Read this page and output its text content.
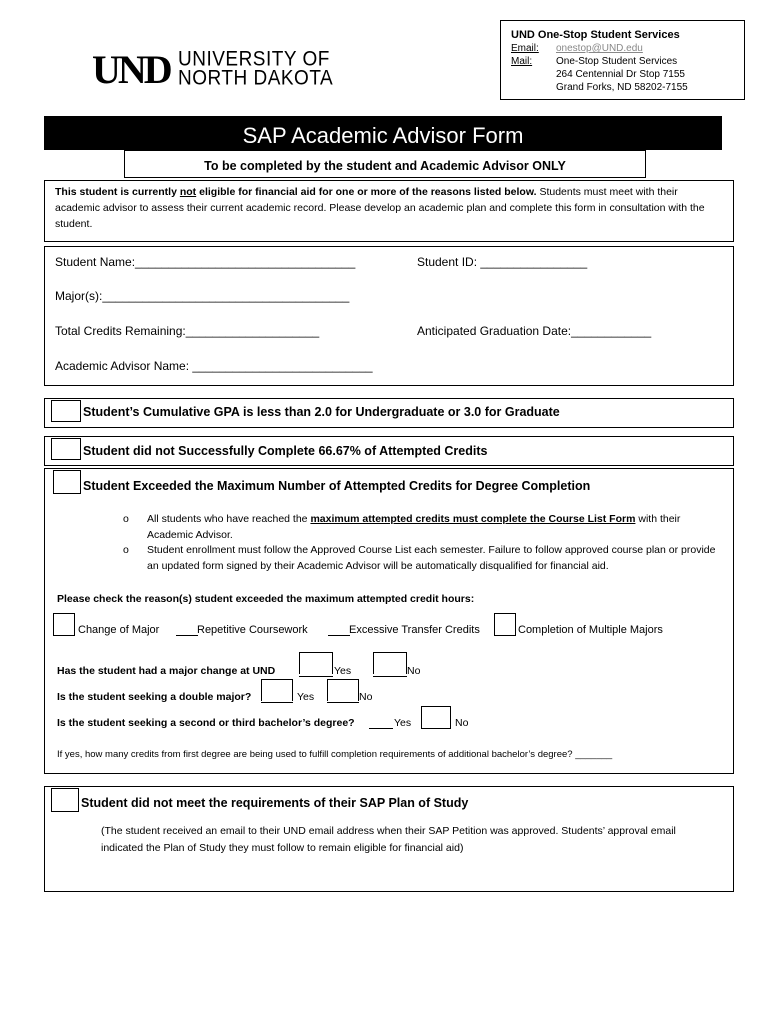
UND UNIVERSITY OF
NORTH DAKOTA
UND One-Stop Student Services
Email:	onestop@UND.edu
Mail:	One-Stop Student Services
264 Centennial Dr Stop 7155
Grand Forks, ND 58202-7155
SAP Academic Advisor Form
To be completed by the student and Academic Advisor ONLY
This student is currently not eligible for financial aid for one or more of the reasons listed below. Students must meet with their academic advisor to assess their current academic record. Please develop an academic plan and complete this form in consultation with the student.
Student Name:_________________________________	Student ID: ________________
Major(s):_____________________________________
Total Credits Remaining:____________________	Anticipated Graduation Date:____________
Academic Advisor Name: ___________________________
Student’s Cumulative GPA is less than 2.0 for Undergraduate or 3.0 for Graduate
Student did not Successfully Complete 66.67% of Attempted Credits
Student Exceeded the Maximum Number of Attempted Credits for Degree Completion
o All students who have reached the maximum attempted credits must complete the Course List Form with their Academic Advisor.
o Student enrollment must follow the Approved Course List each semester. Failure to follow approved course plan or provide an updated form signed by their Academic Advisor will be automatically disqualified for financial aid.
Please check the reason(s) student exceeded the maximum attempted credit hours:
Change of Major	Repetitive Coursework	Excessive Transfer Credits	Completion of Multiple Majors
Has the student had a major change at UND	Yes	No
Is the student seeking a double major?	Yes	No
Is the student seeking a second or third bachelor’s degree?	Yes	No
If yes, how many credits from first degree are being used to fulfill completion requirements of additional bachelor’s degree? _______
Student did not meet the requirements of their SAP Plan of Study
(The student received an email to their UND email address when their SAP Petition was approved. Students’ approval email indicated the Plan of Study they must follow to remain eligible for financial aid)
